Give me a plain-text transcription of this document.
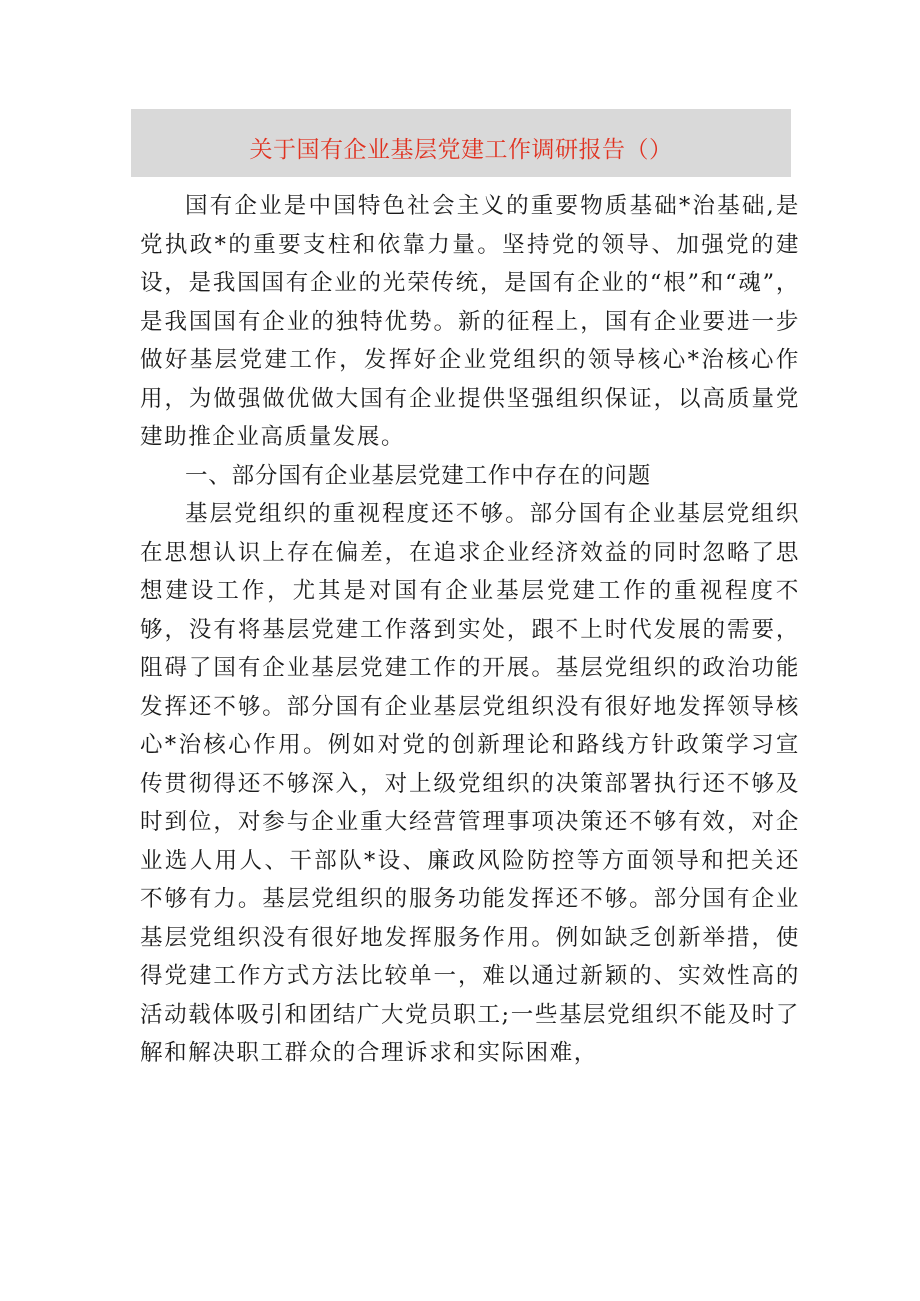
关于国有企业基层党建工作调研报告（）

国有企业是中国特色社会主义的重要物质基础*治基础,是党执政*的重要支柱和依靠力量。坚持党的领导、加强党的建设，是我国国有企业的光荣传统，是国有企业的“根”和“魂”，是我国国有企业的独特优势。新的征程上，国有企业要进一步做好基层党建工作，发挥好企业党组织的领导核心*治核心作用，为做强做优做大国有企业提供坚强组织保证，以高质量党建助推企业高质量发展。

一、部分国有企业基层党建工作中存在的问题

基层党组织的重视程度还不够。部分国有企业基层党组织在思想认识上存在偏差，在追求企业经济效益的同时忽略了思想建设工作，尤其是对国有企业基层党建工作的重视程度不够，没有将基层党建工作落到实处，跟不上时代发展的需要，阻碍了国有企业基层党建工作的开展。基层党组织的政治功能发挥还不够。部分国有企业基层党组织没有很好地发挥领导核心*治核心作用。例如对党的创新理论和路线方针政策学习宣传贯彻得还不够深入，对上级党组织的决策部署执行还不够及时到位，对参与企业重大经营管理事项决策还不够有效，对企业选人用人、干部队*设、廉政风险防控等方面领导和把关还不够有力。基层党组织的服务功能发挥还不够。部分国有企业基层党组织没有很好地发挥服务作用。例如缺乏创新举措，使得党建工作方式方法比较单一，难以通过新颖的、实效性高的活动载体吸引和团结广大党员职工;一些基层党组织不能及时了解和解决职工群众的合理诉求和实际困难，
